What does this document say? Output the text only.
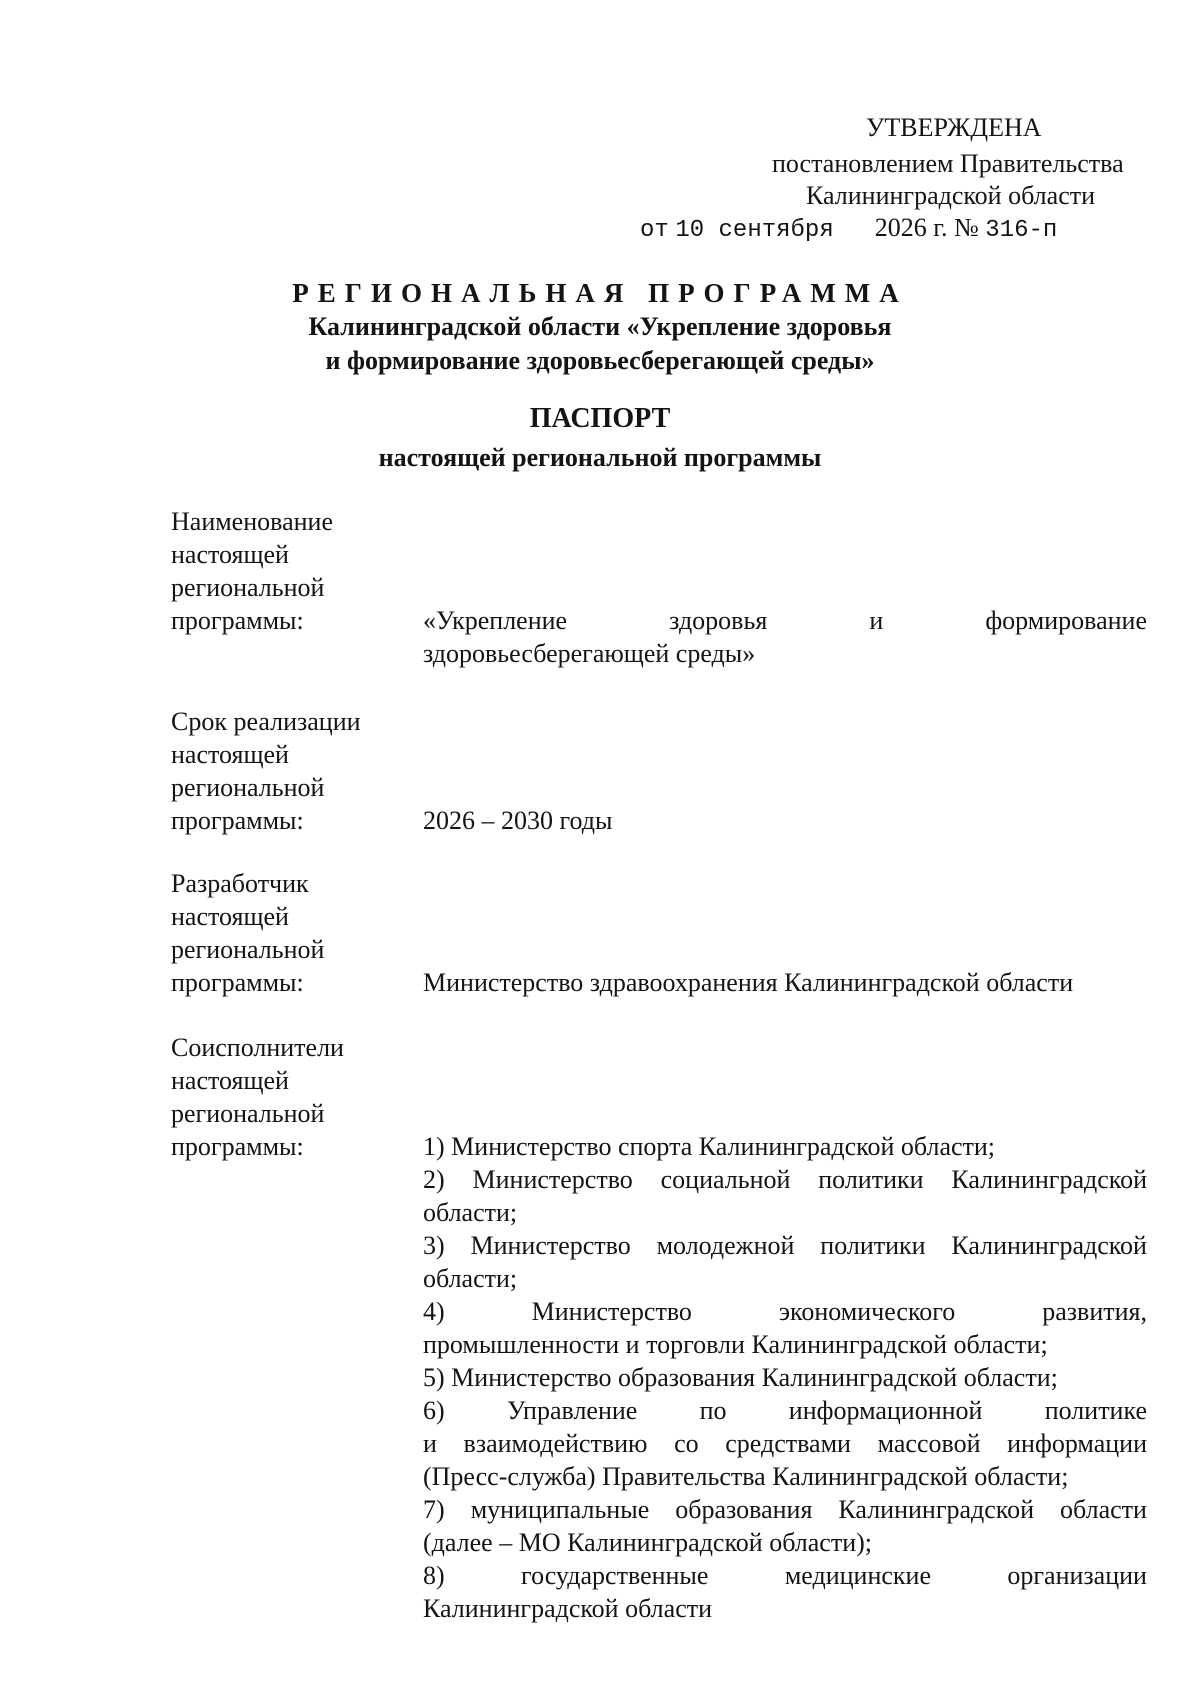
УТВЕРЖДЕНА
постановлением Правительства
Калининградской области
от 10 сентября 2026 г. № 316-п
РЕГИОНАЛЬНАЯ ПРОГРАММА
Калининградской области «Укрепление здоровья
и формирование здоровьесберегающей среды»
ПАСПОРТ
настоящей региональной программы
Наименование
настоящей
региональной
программы:	«Укрепление	здоровья	и	формирование
здоровьесберегающей среды»
Срок реализации
настоящей
региональной
программы:	2026 – 2030 годы
Разработчик
настоящей
региональной
программы:	Министерство здравоохранения Калининградской области
Соисполнители
настоящей
региональной
программы:	1) Министерство спорта Калининградской области;
2) Министерство социальной политики Калининградской
области;
3) Министерство молодежной политики Калининградской
области;
4)	Министерство	экономического	развития,
промышленности и торговли Калининградской области;
5) Министерство образования Калининградской области;
6) Управление по информационной политике
и взаимодействию со средствами массовой информации
(Пресс-служба) Правительства Калининградской области;
7) муниципальные образования Калининградской области
(далее – МО Калининградской области);
8)	государственные	медицинские	организации
Калининградской области
